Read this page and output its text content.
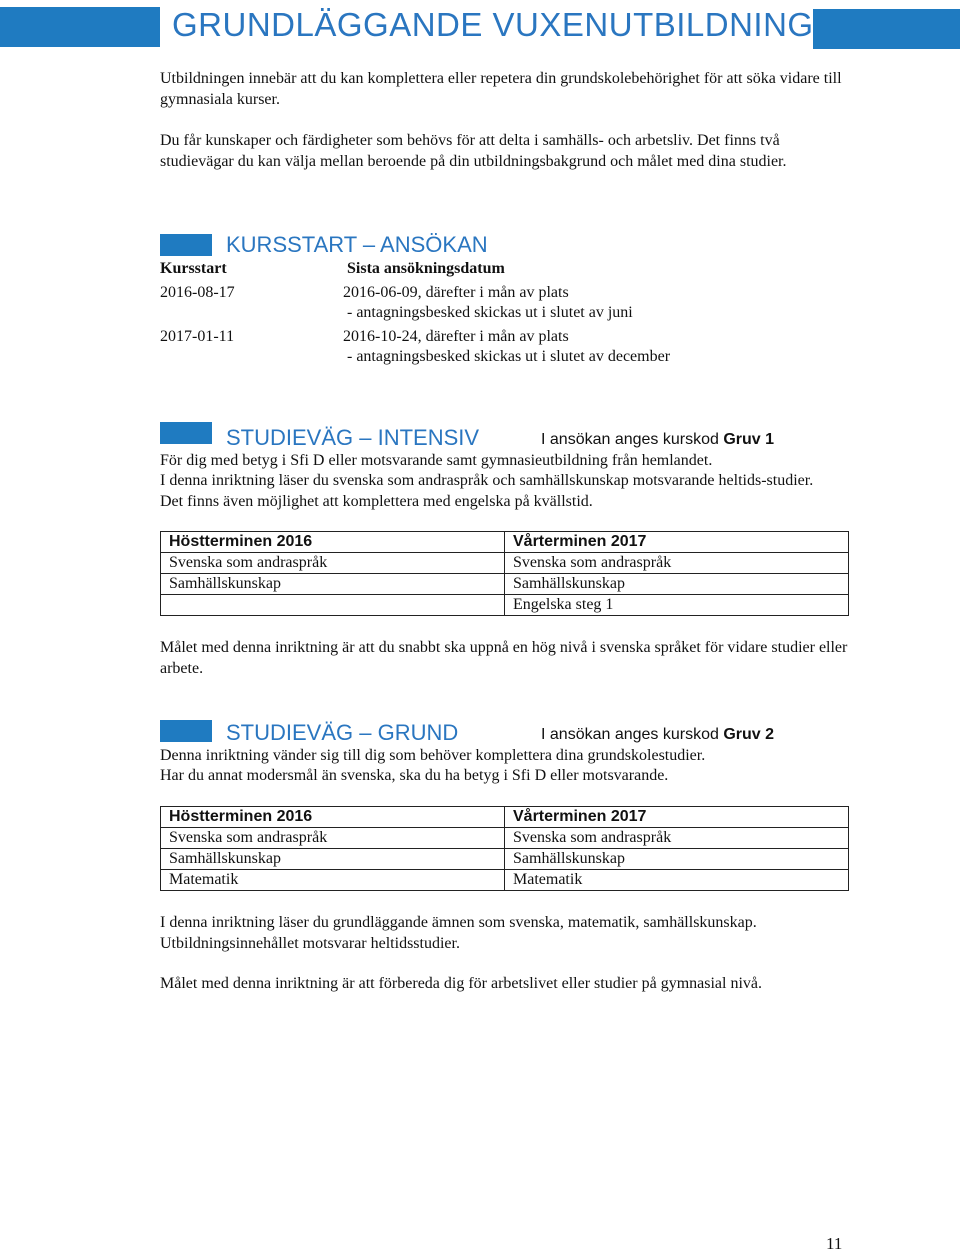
GRUNDLÄGGANDE VUXENUTBILDNING

Utbildningen innebär att du kan komplettera eller repetera din grundskolebehörighet för att söka vidare till gymnasiala kurser.

Du får kunskaper och färdigheter som behövs för att delta i samhälls- och arbetsliv. Det finns två studievägar du kan välja mellan beroende på din utbildningsbakgrund och målet med dina studier.

KURSSTART – ANSÖKAN
Kursstart	Sista ansökningsdatum
2016-08-17	2016-06-09, därefter i mån av plats
- antagningsbesked skickas ut i slutet av juni
2017-01-11	2016-10-24, därefter i mån av plats
- antagningsbesked skickas ut i slutet av december
STUDIEVÄG – INTENSIV	I ansökan anges kurskod Gruv 1
För dig med betyg i Sfi D eller motsvarande samt gymnasieutbildning från hemlandet.

I denna inriktning läser du svenska som andraspråk och samhällskunskap motsvarande heltids-studier. Det finns även möjlighet att komplettera med engelska på kvällstid.

Höstterminen 2016	Vårterminen 2017
Svenska som andraspråk	Svenska som andraspråk
Samhällskunskap	Samhällskunskap
	Engelska steg 1

Målet med denna inriktning är att du snabbt ska uppnå en hög nivå i svenska språket för vidare studier eller arbete.

STUDIEVÄG – GRUND	I ansökan anges kurskod Gruv 2
Denna inriktning vänder sig till dig som behöver komplettera dina grundskolestudier.
Har du annat modersmål än svenska, ska du ha betyg i Sfi D eller motsvarande.
Höstterminen 2016	Vårterminen 2017
Svenska som andraspråk	Svenska som andraspråk
Samhällskunskap	Samhällskunskap
Matematik	Matematik

I denna inriktning läser du grundläggande ämnen som svenska, matematik, samhällskunskap. Utbildningsinnehållet motsvarar heltidsstudier.

Målet med denna inriktning är att förbereda dig för arbetslivet eller studier på gymnasial nivå.
11
